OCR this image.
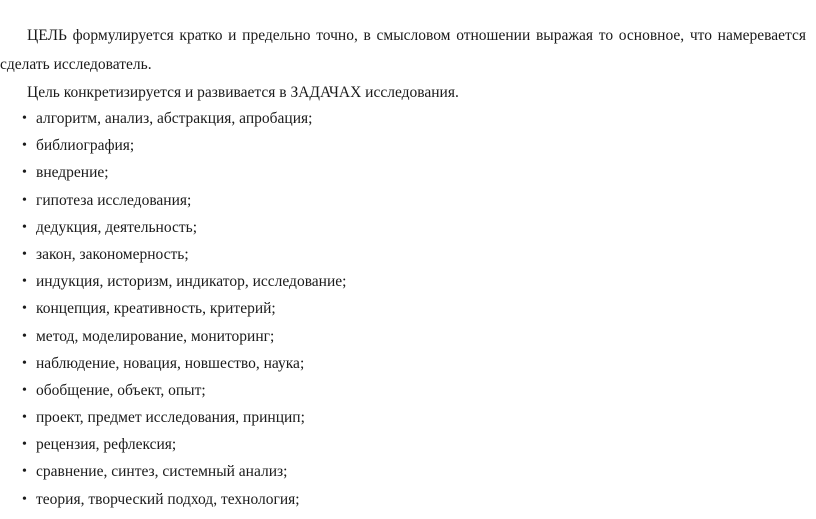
ЦЕЛЬ формулируется кратко и предельно точно, в смысловом отношении выражая то основное, что намеревается

сделать исследователь.

Цель конкретизируется и развивается в ЗАДАЧАХ исследования.

• алгоритм, анализ, абстракция, апробация;
• библиография;
• внедрение;
• гипотеза исследования;
• дедукция, деятельность;
• закон, закономерность;
• индукция, историзм, индикатор, исследование;
• концепция, креативность, критерий;
• метод, моделирование, мониторинг;
• наблюдение, новация, новшество, наука;
• обобщение, объект, опыт;
• проект, предмет исследования, принцип;
• рецензия, рефлексия;
• сравнение, синтез, системный анализ;
• теория, творческий подход, технология;
